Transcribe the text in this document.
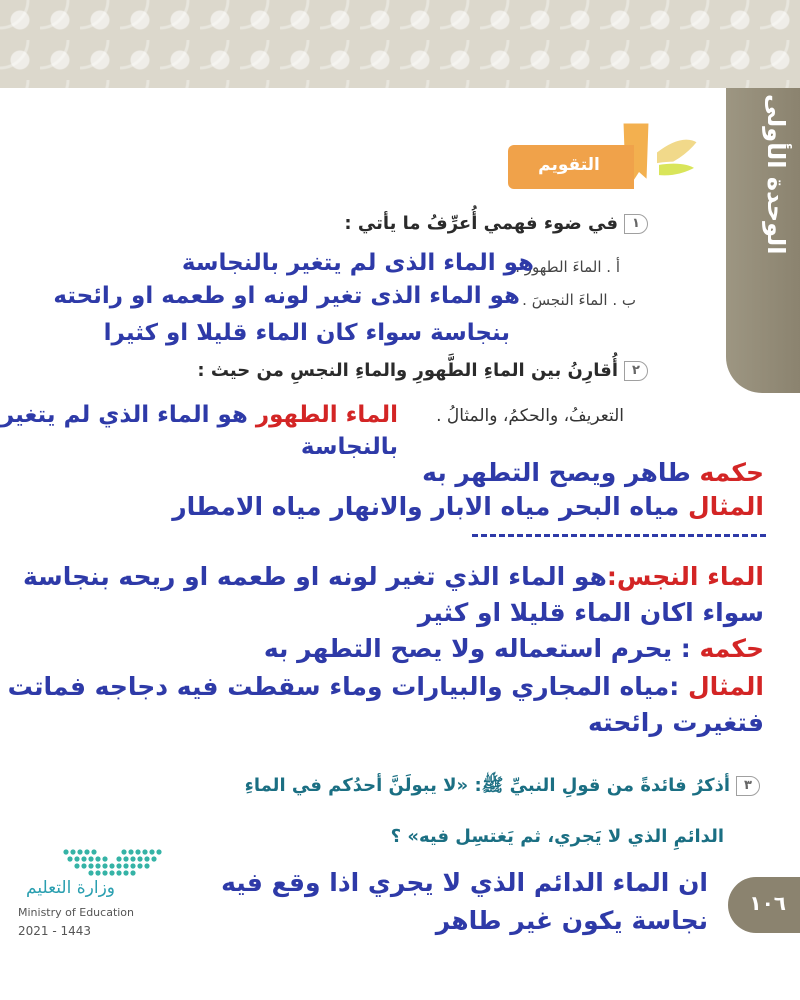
الوحدة الأولى
التقويم
١في ضوء فهمي أُعرِّفُ ما يأتي :
أ . الماءَ الطهورَ .
هو الماء الذى لم يتغير بالنجاسة
ب . الماءَ النجسَ .
هو الماء الذى تغير لونه او طعمه او رائحته
بنجاسة سواء كان الماء قليلا او كثيرا
٢أُقارِنُ بين الماءِ الطَّهورِ والماءِ النجسِ من حيث :
التعريفُ، والحكمُ، والمثالُ .
الماء الطهور هو الماء الذي لم يتغير
بالنجاسة
حكمه طاهر ويصح التطهر به
المثال مياه البحر مياه الابار والانهار مياه الامطار
الماء النجس:هو الماء الذي تغير لونه او طعمه او ريحه بنجاسة
سواء اكان الماء قليلا او كثير
حكمه : يحرم استعماله ولا يصح التطهر به
المثال :مياه المجاري والبيارات وماء سقطت فيه دجاجه فماتت
فتغيرت رائحته
٣أذكرُ فائدةً من قولِ النبيِّ ﷺ: «لا يبولَنَّ أحدُكم في الماءِ
الدائمِ الذي لا يَجري، ثم يَغتسِل فيه» ؟
ان الماء الدائم الذي لا يجري اذا وقع فيه
نجاسة يكون غير طاهر
١٠٦
وزارة التعليم
Ministry of Education
2021 - 1443
